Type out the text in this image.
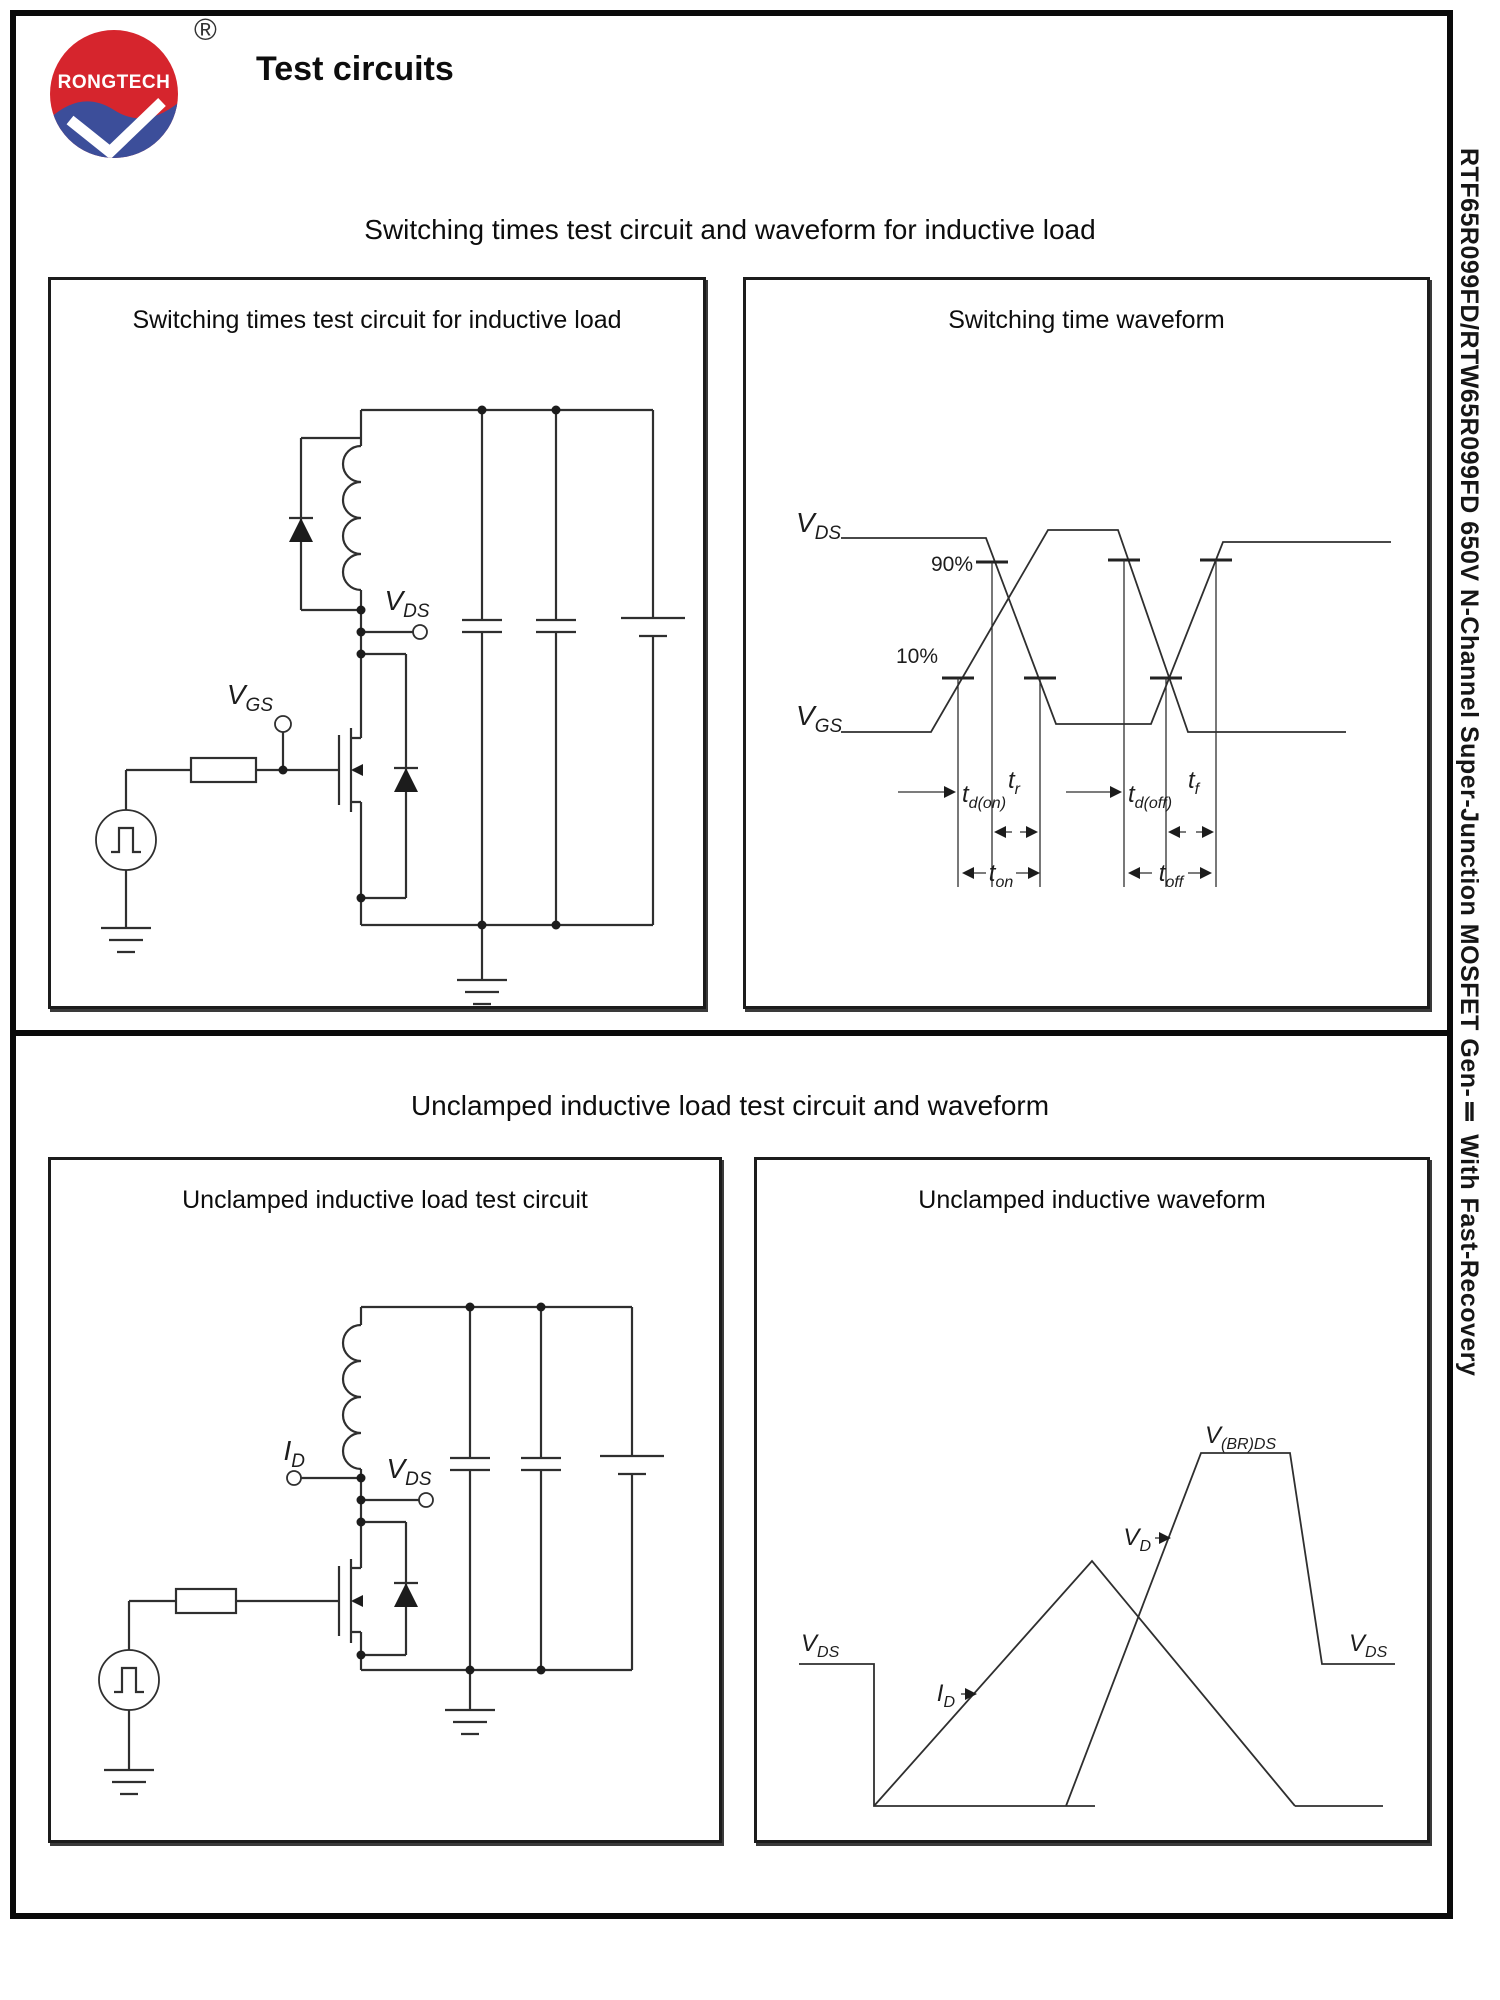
RONGTECH
®
Test circuits
RTF65R099FD/RTW65R099FD 650V N-Channel Super-Junction MOSFET Gen-Ⅱ With Fast-Recovery
Switching times test circuit and waveform for inductive load
Unclamped inductive load test circuit and waveform
Switching times test circuit for inductive load
$V_{GS}$
$V_{DS}$
Switching time waveform
$V_{DS}$
$V_{GS}$
90%
10%
$t_{d(on)}$
$t_r$
$t_{on}$
$t_{d(off)}$
$t_f$
$t_{off}$
Unclamped inductive load test circuit
$I_D$	$V_{DS}$
Unclamped inductive waveform
$V_{DS}$	$V_{DS}$
$V_{(BR)DS}$
$V_D$
$I_D$
